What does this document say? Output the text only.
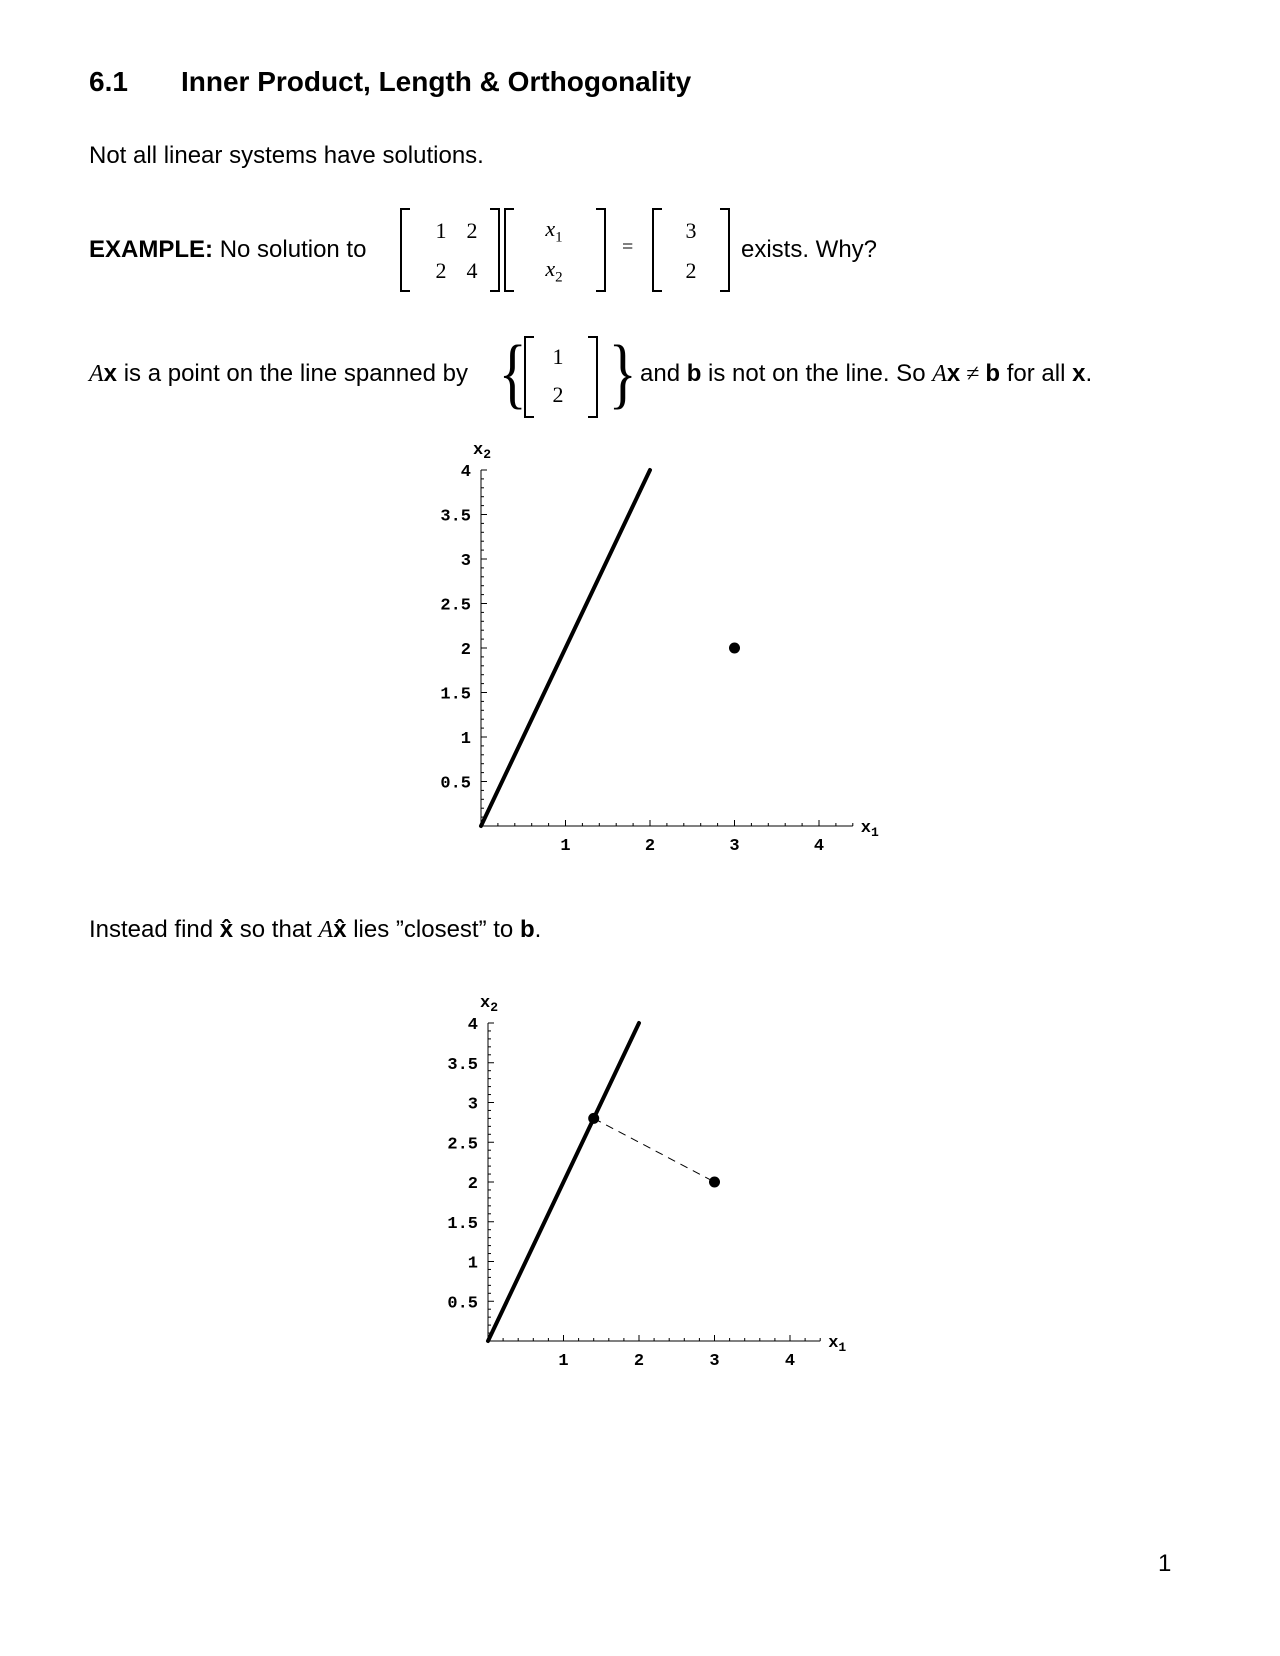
6.1 Inner Product, Length & Orthogonality
Not all linear systems have solutions.
EXAMPLE: No solution to
1 2
2 4
$x_1$
$x_2$
=
3
2
exists. Why?
Ax is a point on the line spanned by {	1
2 } and b is not on the line. So Ax ≠ b for all x.
1	2	3	4
0.5
1
1.5
2
2.5
3
3.5
4
$x_1$
$x_2$
Instead find x̂ so that Ax̂ lies ”closest” to b.
1	2	3	4
0.5
1
1.5
2
2.5
3
3.5
4
$x_1$
$x_2$
1
